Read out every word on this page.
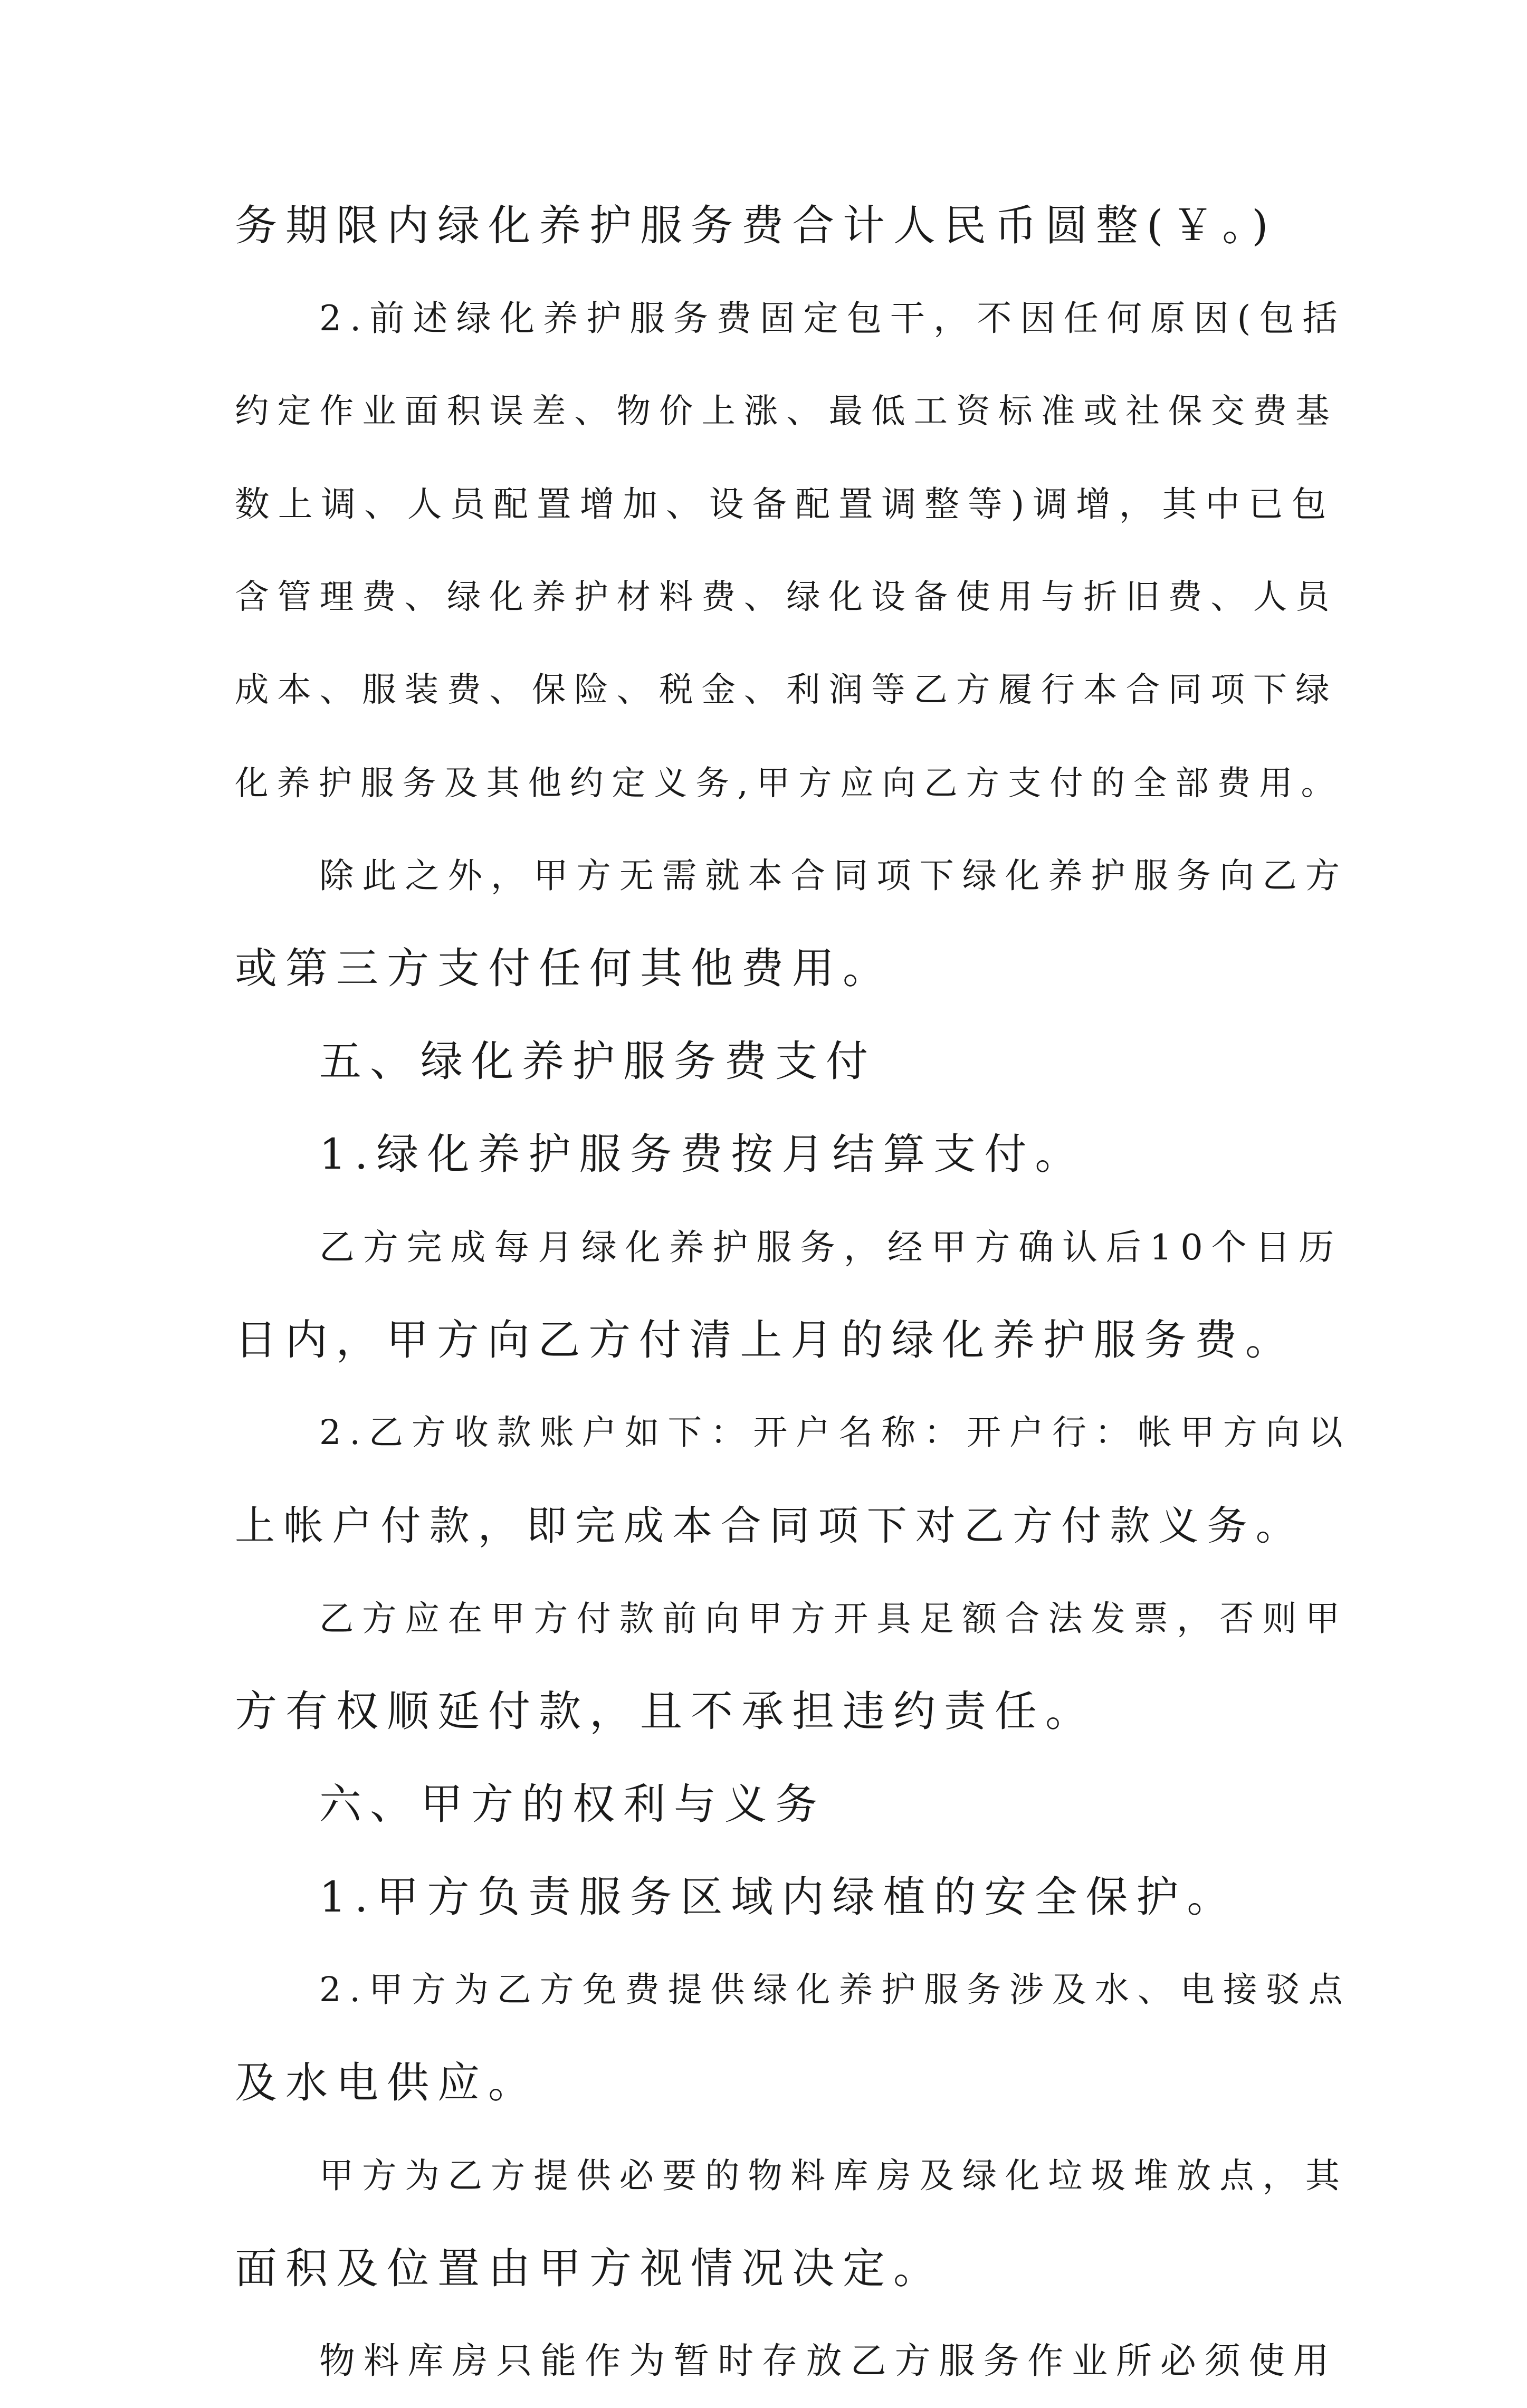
务期限内绿化养护服务费合计人民币圆整(￥。)
2.前述绿化养护服务费固定包干，不因任何原因(包括
约定作业面积误差、物价上涨、最低工资标准或社保交费基
数上调、人员配置增加、设备配置调整等)调增，其中已包
含管理费、绿化养护材料费、绿化设备使用与折旧费、人员
成本、服装费、保险、税金、利润等乙方履行本合同项下绿
化养护服务及其他约定义务,甲方应向乙方支付的全部费用。
除此之外，甲方无需就本合同项下绿化养护服务向乙方
或第三方支付任何其他费用。
五、绿化养护服务费支付
1.绿化养护服务费按月结算支付。
乙方完成每月绿化养护服务，经甲方确认后10个日历
日内，甲方向乙方付清上月的绿化养护服务费。
2.乙方收款账户如下：开户名称：开户行：帐甲方向以
上帐户付款，即完成本合同项下对乙方付款义务。
乙方应在甲方付款前向甲方开具足额合法发票，否则甲
方有权顺延付款，且不承担违约责任。
六、甲方的权利与义务
1.甲方负责服务区域内绿植的安全保护。
2.甲方为乙方免费提供绿化养护服务涉及水、电接驳点
及水电供应。
甲方为乙方提供必要的物料库房及绿化垃圾堆放点，其
面积及位置由甲方视情况决定。
物料库房只能作为暂时存放乙方服务作业所必须使用
